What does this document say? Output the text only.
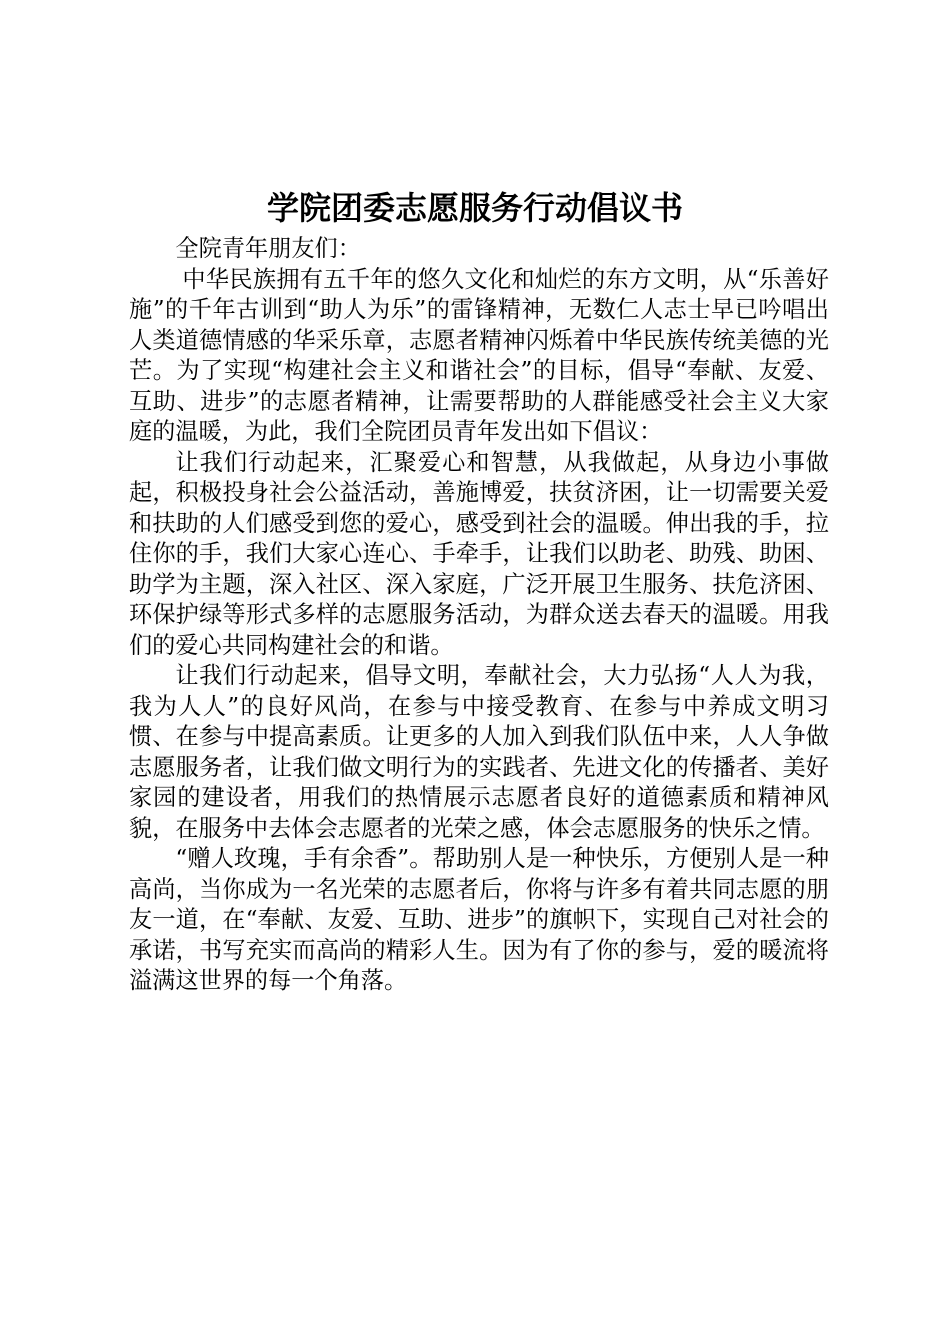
学院团委志愿服务行动倡议书

全院青年朋友们：

中华民族拥有五千年的悠久文化和灿烂的东方文明，从“乐善好施”的千年古训到“助人为乐”的雷锋精神，无数仁人志士早已吟唱出人类道德情感的华采乐章，志愿者精神闪烁着中华民族传统美德的光芒。为了实现“构建社会主义和谐社会”的目标，倡导“奉献、友爱、互助、进步”的志愿者精神，让需要帮助的人群能感受社会主义大家庭的温暖，为此，我们全院团员青年发出如下倡议：

让我们行动起来，汇聚爱心和智慧，从我做起，从身边小事做起，积极投身社会公益活动，善施博爱，扶贫济困，让一切需要关爱和扶助的人们感受到您的爱心，感受到社会的温暖。伸出我的手，拉住你的手，我们大家心连心、手牵手，让我们以助老、助残、助困、助学为主题，深入社区、深入家庭，广泛开展卫生服务、扶危济困、环保护绿等形式多样的志愿服务活动，为群众送去春天的温暖。用我们的爱心共同构建社会的和谐。

让我们行动起来，倡导文明，奉献社会，大力弘扬“人人为我，我为人人”的良好风尚，在参与中接受教育、在参与中养成文明习惯、在参与中提高素质。让更多的人加入到我们队伍中来，人人争做志愿服务者，让我们做文明行为的实践者、先进文化的传播者、美好家园的建设者，用我们的热情展示志愿者良好的道德素质和精神风貌，在服务中去体会志愿者的光荣之感，体会志愿服务的快乐之情。

“赠人玫瑰，手有余香”。帮助别人是一种快乐，方便别人是一种高尚，当你成为一名光荣的志愿者后，你将与许多有着共同志愿的朋友一道，在“奉献、友爱、互助、进步”的旗帜下，实现自己对社会的承诺，书写充实而高尚的精彩人生。因为有了你的参与，爱的暖流将溢满这世界的每一个角落。
